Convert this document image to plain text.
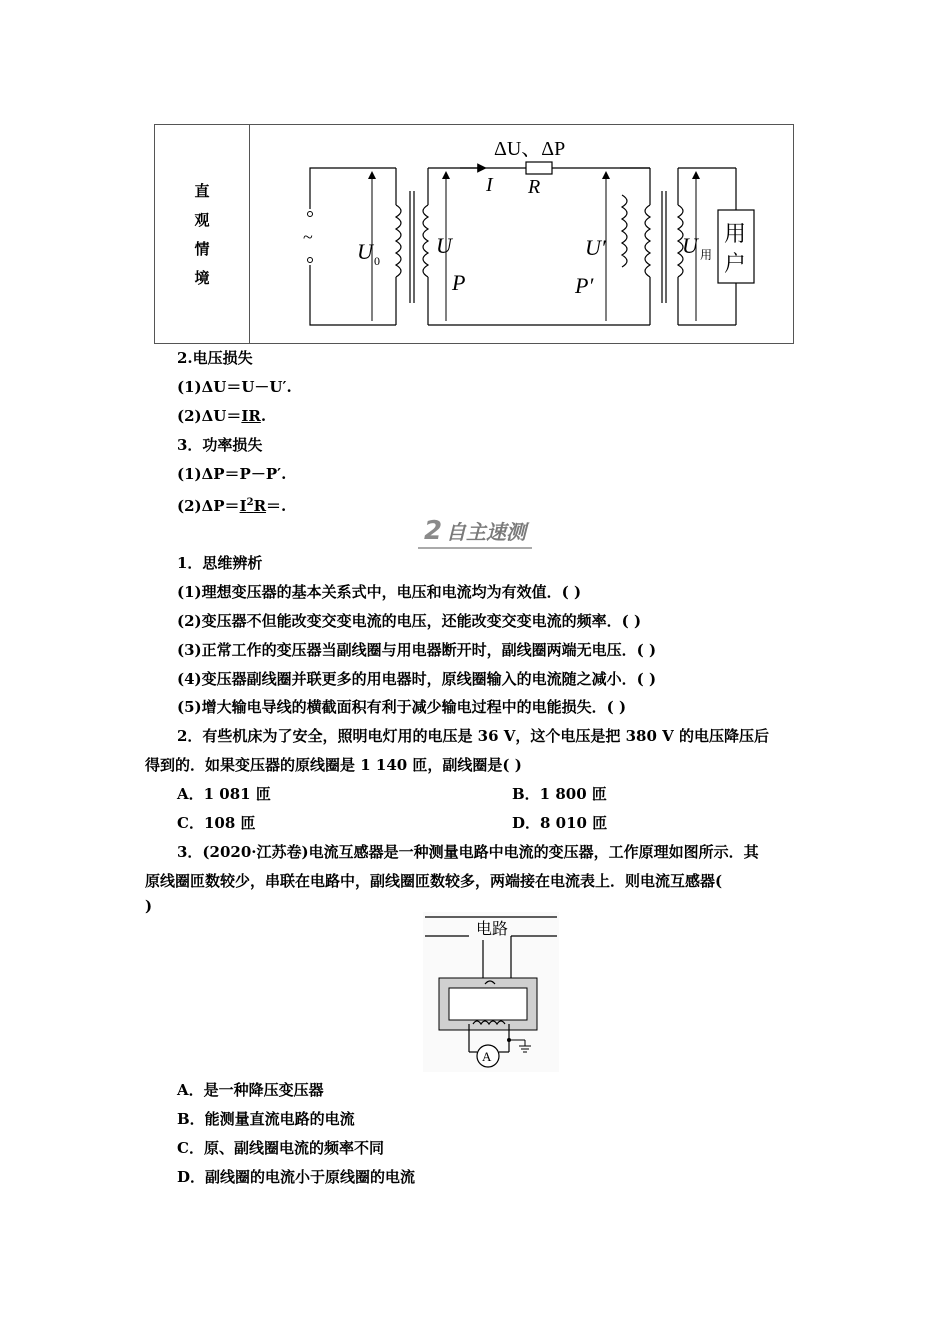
直
观
情
境
~
U 0
ΔU、ΔP
I R
U
P
U′
P′
U 用
用
户
2.电压损失
(1)ΔU＝U－U′.
(2)ΔU＝IR.
3．功率损失
(1)ΔP＝P－P′.
$(2)\Delta P=I^2R=$.
2 自主速测
1．思维辨析
(1)理想变压器的基本关系式中，电压和电流均为有效值．( )
(2)变压器不但能改变交变电流的电压，还能改变交变电流的频率．( )
(3)正常工作的变压器当副线圈与用电器断开时，副线圈两端无电压．( )
(4)变压器副线圈并联更多的用电器时，原线圈输入的电流随之减小．( )
(5)增大输电导线的横截面积有利于减少输电过程中的电能损失．( )
2．有些机床为了安全，照明电灯用的电压是 36 V，这个电压是把 380 V 的电压降压后
得到的．如果变压器的原线圈是 1 140 匝，副线圈是( )
A．1 081 匝	B．1 800 匝
C．108 匝	D．8 010 匝
3．(2020·江苏卷)电流互感器是一种测量电路中电流的变压器，工作原理如图所示．其
原线圈匝数较少，串联在电路中，副线圈匝数较多，两端接在电流表上．则电流互感器(
)
电路
A
A．是一种降压变压器
B．能测量直流电路的电流
C．原、副线圈电流的频率不同
D．副线圈的电流小于原线圈的电流
